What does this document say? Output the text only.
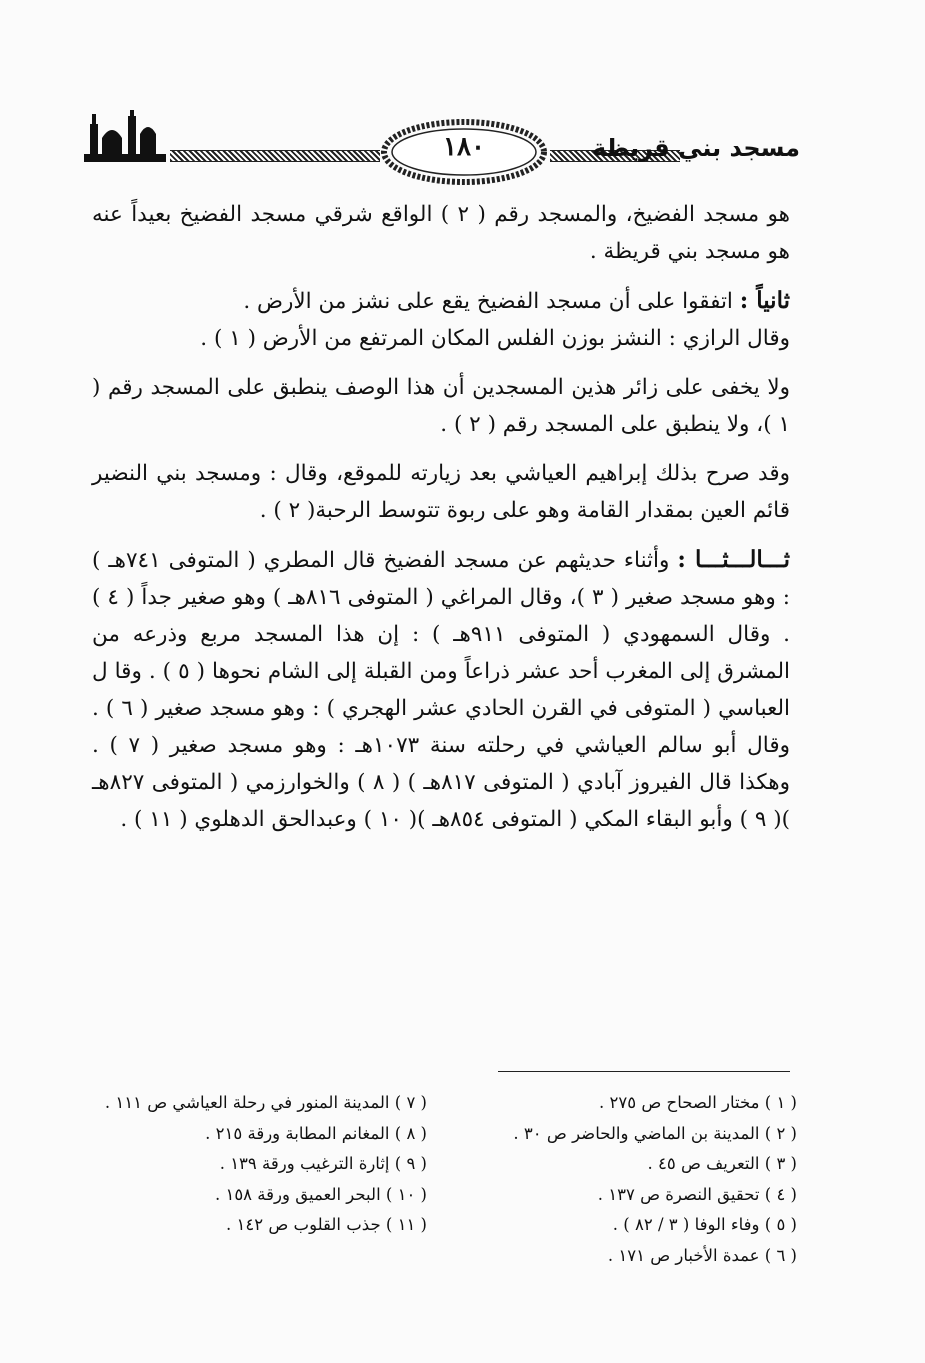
١٨٠	مسجد بني قريظة

هو مسجد الفضيخ، والمسجد رقم ( ٢ ) الواقع شرقي مسجد الفضيخ بعيداً عنه هو مسجد بني قريظة .

ثانياً : اتفقوا على أن مسجد الفضيخ يقع على نشز من الأرض .

وقال الرازي : النشز بوزن الفلس المكان المرتفع من الأرض ( ١ ) .

ولا يخفى على زائر هذين المسجدين أن هذا الوصف ينطبق على المسجد رقم ( ١ )، ولا ينطبق على المسجد رقم ( ٢ ) .

وقد صرح بذلك إبراهيم العياشي بعد زيارته للموقع، وقال : ومسجد بني النضير قائم العين بمقدار القامة وهو على ربوة تتوسط الرحبة( ٢ ) .

ثـــالـــثـــا : وأثناء حديثهم عن مسجد الفضيخ قال المطري ( المتوفى ٧٤١هـ ) : وهو مسجد صغير ( ٣ )، وقال المراغي ( المتوفى ٨١٦هـ ) وهو صغير جداً ( ٤ ) . وقال السمهودي ( المتوفى ٩١١هـ ) : إن هذا المسجد مربع وذرعه من المشرق إلى المغرب أحد عشر ذراعاً ومن القبلة إلى الشام نحوها ( ٥ ) . وقا ل العباسي ( المتوفى في القرن الحادي عشر الهجري ) : وهو مسجد صغير ( ٦ ) . وقال أبو سالم العياشي في رحلته سنة ١٠٧٣هـ : وهو مسجد صغير ( ٧ ) . وهكذا قال الفيروز آبادي ( المتوفى ٨١٧هـ ) ( ٨ ) والخوارزمي ( المتوفى ٨٢٧هـ )( ٩ ) وأبو البقاء المكي ( المتوفى ٨٥٤هـ )( ١٠ ) وعبدالحق الدهلوي ( ١١ ) .

( ١ ) مختار الصحاح ص ٢٧٥ .

( ٢ ) المدينة بن الماضي والحاضر ص ٣٠ .

( ٣ ) التعريف ص ٤٥ .

( ٤ ) تحقيق النصرة ص ١٣٧ .

( ٥ ) وفاء الوفا ( ٣ / ٨٢ ) .

( ٦ ) عمدة الأخبار ص ١٧١ .

( ٧ ) المدينة المنور في رحلة العياشي ص ١١١ .

( ٨ ) المغانم المطابة ورقة ٢١٥ .

( ٩ ) إثارة الترغيب ورقة ١٣٩ .

( ١٠ ) البحر العميق ورقة ١٥٨ .

( ١١ ) جذب القلوب ص ١٤٢ .
